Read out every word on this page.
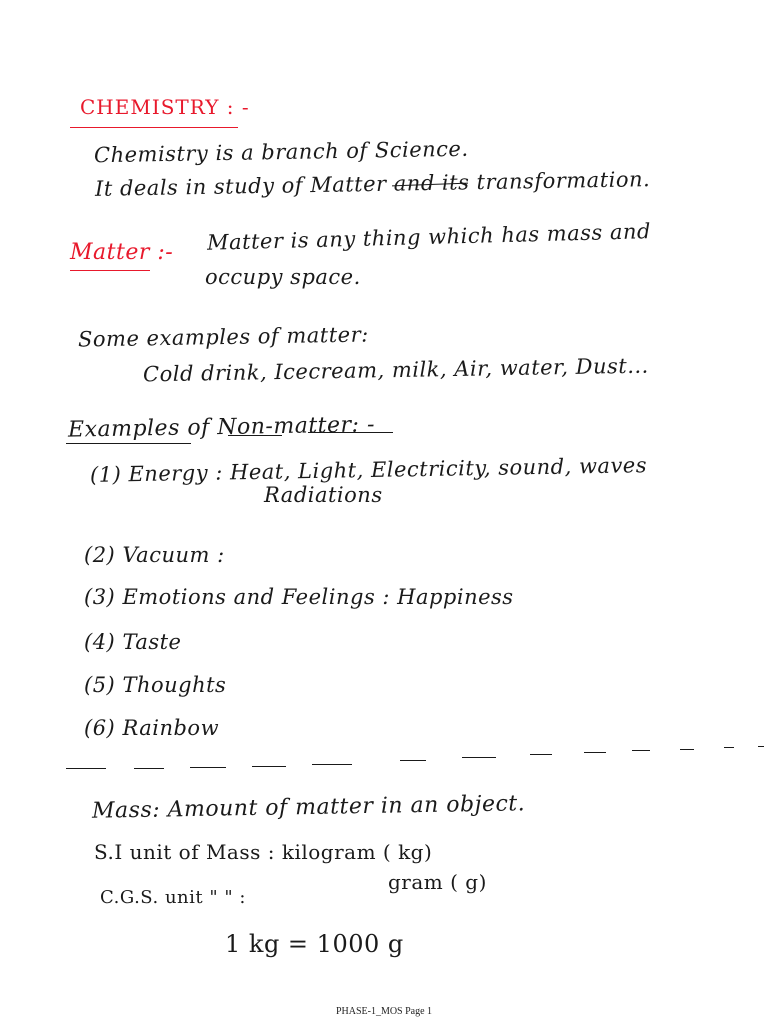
CHEMISTRY : -
Chemistry is a branch of Science.
It deals in study of Matter and its transformation.
Matter :- Matter is any thing which has mass and
occupy space.
Some examples of matter:
Cold drink, Icecream, milk, Air, water, Dust...
Examples of Non-matter: -
(1) Energy : Heat, Light, Electricity, sound, waves
Radiations
(2) Vacuum :
(3) Emotions and Feelings : Happiness
(4) Taste
(5) Thoughts
(6) Rainbow
Mass: Amount of matter in an object.
S.I unit of Mass : kilogram ( kg)
C.G.S. unit " " :
gram ( g)
1 kg = 1000 g
PHASE-1_MOS Page 1
